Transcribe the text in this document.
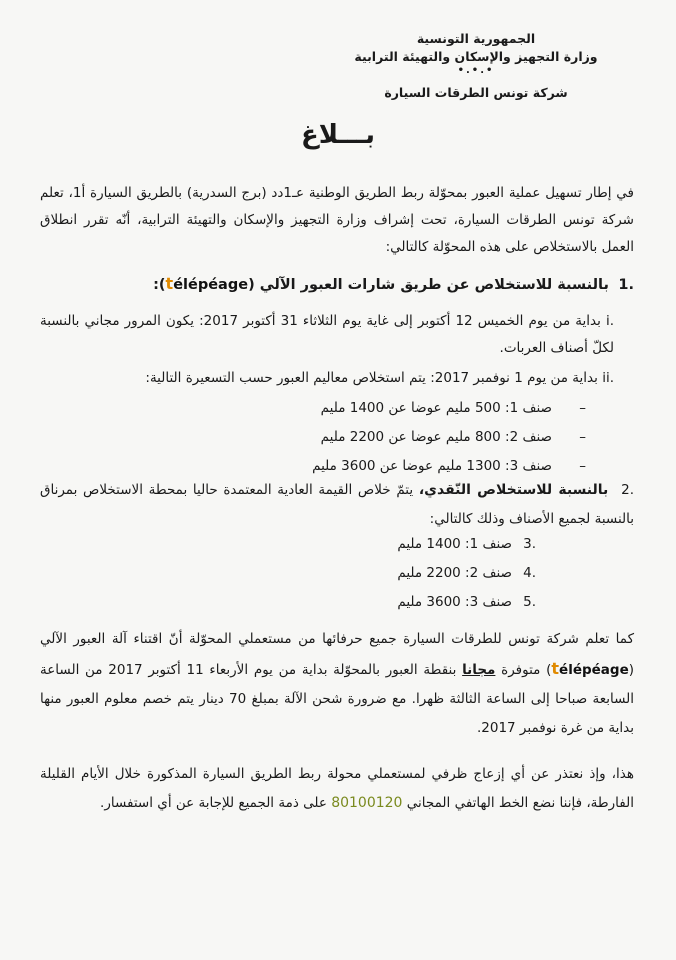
الجمهورية التونسية
وزارة التجهيز والإسكان والتهيئة الترابية
•.•.•
شركة تونس الطرقات السيارة
بـــلاغ
في إطار تسهيل عملية العبور بمحوّلة ربط الطريق الوطنية عـ1دد (برج السدرية) بالطريق السيارة أ1، تعلم شركة تونس الطرقات السيارة، تحت إشراف وزارة التجهيز والإسكان والتهيئة الترابية، أنّه تقرر انطلاق العمل بالاستخلاص على هذه المحوّلة كالتالي:
.1 بالنسبة للاستخلاص عن طريق شارات العبور الآلي (télépéage):
.i بداية من يوم الخميس 12 أكتوبر إلى غاية يوم الثلاثاء 31 أكتوبر 2017: يكون المرور مجاني بالنسبة لكلّ أصناف العربات.
.ii بداية من يوم 1 نوفمبر 2017: يتم استخلاص معاليم العبور حسب التسعيرة التالية:
–صنف 1: 500 مليم عوضا عن 1400 مليم
–صنف 2: 800 مليم عوضا عن 2200 مليم
–صنف 3: 1300 مليم عوضا عن 3600 مليم
.2 بالنسبة للاستخلاص النّقدي، يتمّ خلاص القيمة العادية المعتمدة حاليا بمحطة الاستخلاص بمرناق بالنسبة لجميع الأصناف وذلك كالتالي:
.3صنف 1: 1400 مليم
.4صنف 2: 2200 مليم
.5صنف 3: 3600 مليم
كما تعلم شركة تونس للطرقات السيارة جميع حرفائها من مستعملي المحوّلة أنّ اقتناء آلة العبور الآلي (télépéage) متوفرة مجانا بنقطة العبور بالمحوّلة بداية من يوم الأربعاء 11 أكتوبر 2017 من الساعة السابعة صباحا إلى الساعة الثالثة ظهرا. مع ضرورة شحن الآلة بمبلغ 70 دينار يتم خصم معلوم العبور منها بداية من غرة نوفمبر 2017.
هذا، وإذ نعتذر عن أي إزعاج ظرفي لمستعملي محولة ربط الطريق السيارة المذكورة خلال الأيام القليلة الفارطة، فإننا نضع الخط الهاتفي المجاني 80100120 على ذمة الجميع للإجابة عن أي استفسار.
